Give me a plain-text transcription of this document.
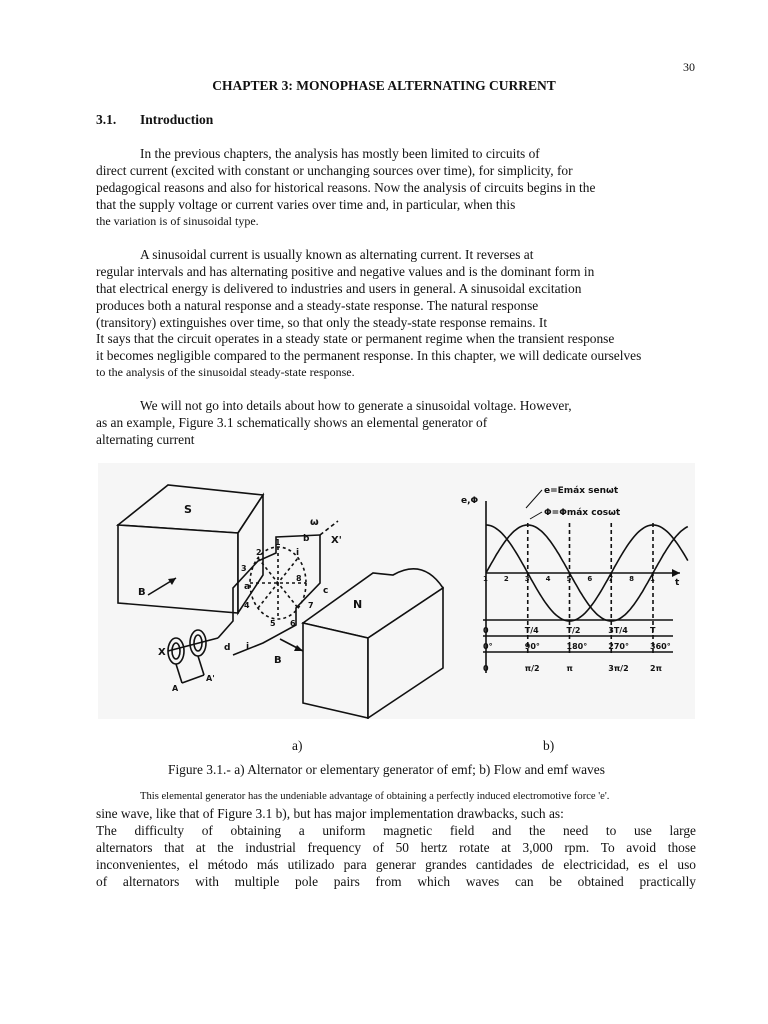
30
CHAPTER 3: MONOPHASE ALTERNATING CURRENT
3.1. Introduction
In the previous chapters, the analysis has mostly been limited to circuits of
direct current (excited with constant or unchanging sources over time), for simplicity, for
pedagogical reasons and also for historical reasons. Now the analysis of circuits begins in the
that the supply voltage or current varies over time and, in particular, when this
the variation is of sinusoidal type.
A sinusoidal current is usually known as alternating current. It reverses at
regular intervals and has alternating positive and negative values and is the dominant form in
that electrical energy is delivered to industries and users in general. A sinusoidal excitation
produces both a natural response and a steady-state response. The natural response
(transitory) extinguishes over time, so that only the steady-state response remains. It
It says that the circuit operates in a steady state or permanent regime when the transient response
it becomes negligible compared to the permanent response. In this chapter, we will dedicate ourselves
to the analysis of the sinusoidal steady-state response.
We will not go into details about how to generate a sinusoidal voltage. However,
as an example, Figure 3.1 schematically shows an elemental generator of
alternating current
S
N
B
B
ω
X'
X
a
b
c
d
1
2
3
4
5 6
7
8
i
i
A
A'
e,Φ
e=Emáx senωt
Φ=Φmáx cosωt
t
1 2 3 4 5 6 7 8 1
0	T/4	T/2	3T/4	T
0°	90°	180°	270°	360°
0	π/2	π	3π/2	2π
a)	b)
Figure 3.1.- a) Alternator or elementary generator of emf; b) Flow and emf waves
This elemental generator has the undeniable advantage of obtaining a perfectly induced electromotive force 'e'.
sine wave, like that of Figure 3.1 b), but has major implementation drawbacks, such as:
The difficulty of obtaining a uniform magnetic field and the need to use large
alternators that at the industrial frequency of 50 hertz rotate at 3,000 rpm. To avoid those
inconvenientes, el método más utilizado para generar grandes cantidades de electricidad, es el uso
of alternators with multiple pole pairs from which waves can be obtained practically
